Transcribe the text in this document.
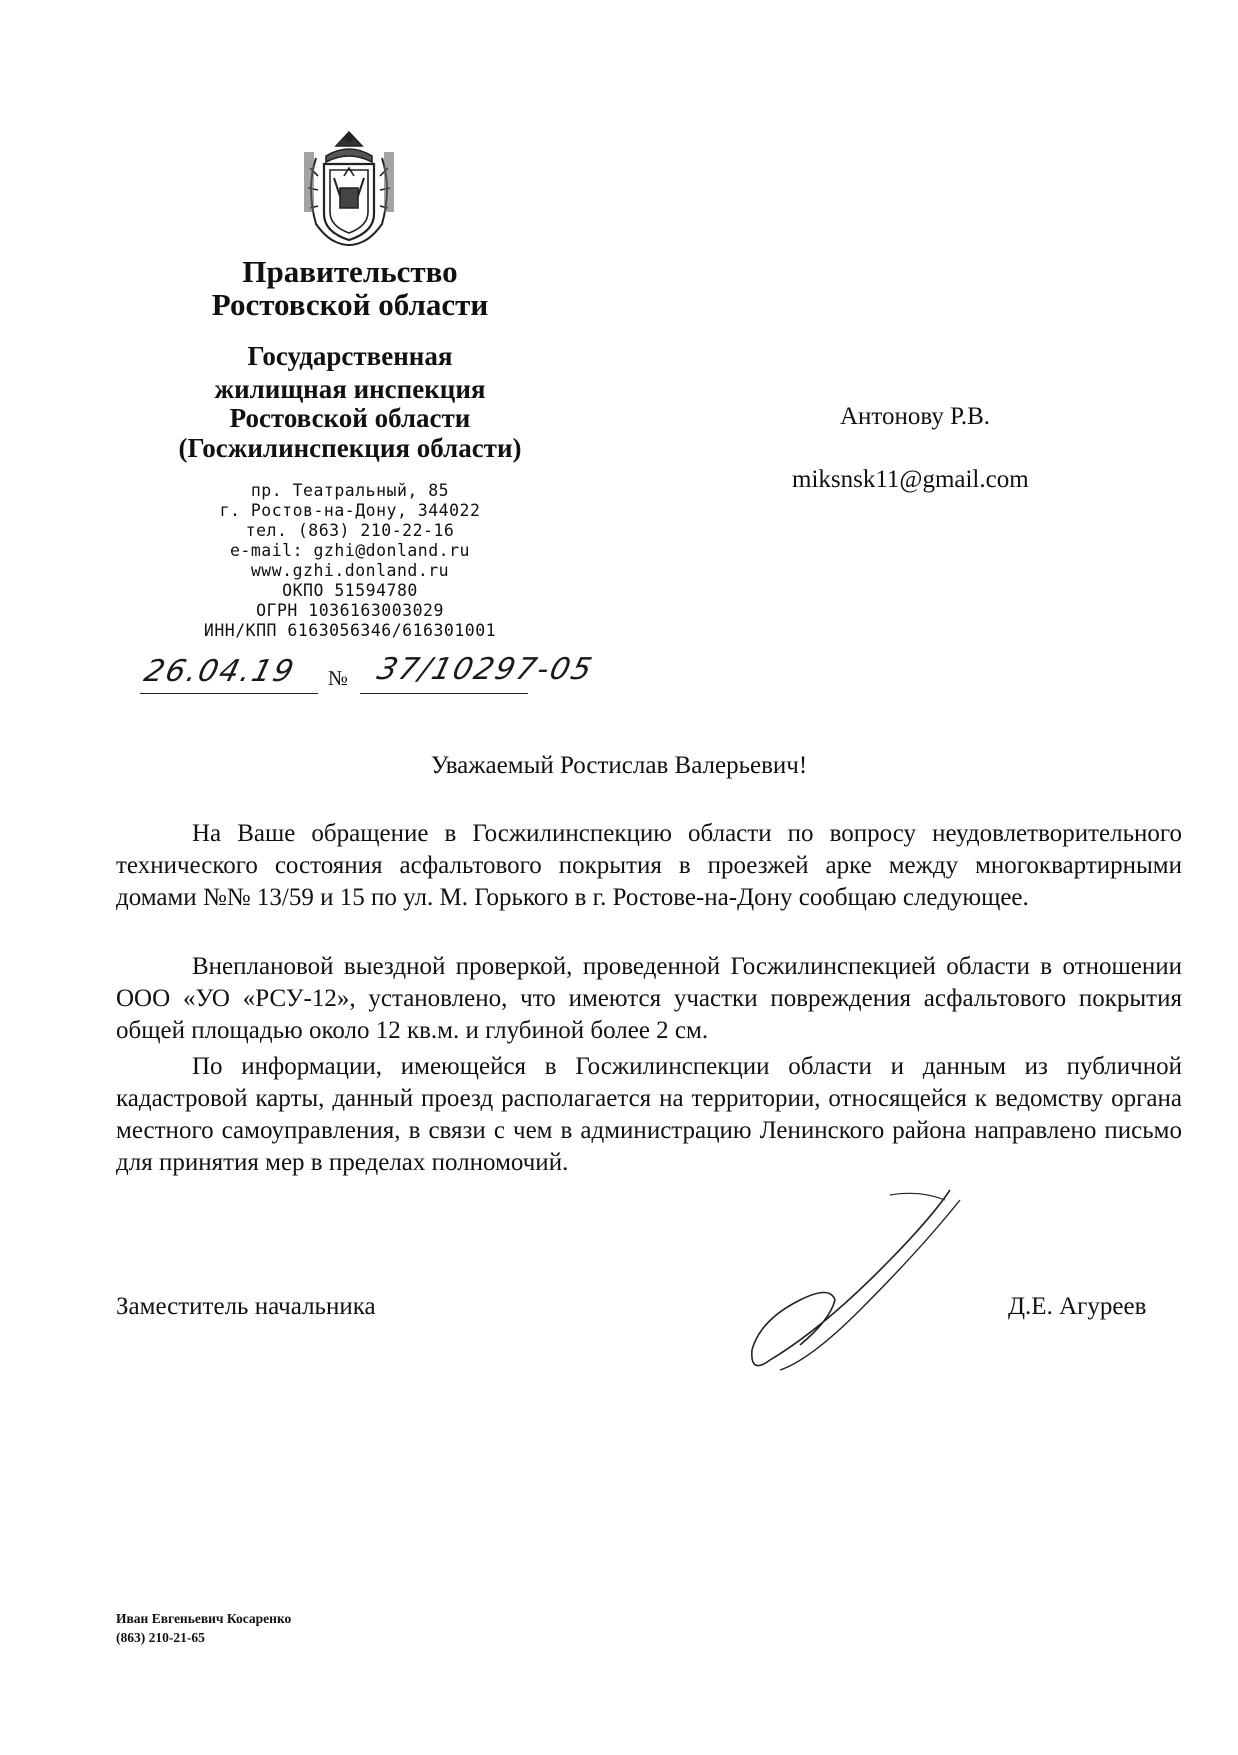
Правительство
Ростовской области
Государственная
жилищная инспекция
Ростовской области
(Госжилинспекция области)
пр. Театральный, 85
г. Ростов-на-Дону, 344022
тел. (863) 210-22-16
e-mail: gzhi@donland.ru
www.gzhi.donland.ru
ОКПО 51594780
ОГРН 1036163003029
ИНН/КПП 6163056346/616301001
26.04.19 № 37/10297-05
Антонову Р.В.
miksnsk11@gmail.com
Уважаемый Ростислав Валерьевич!
На Ваше обращение в Госжилинспекцию области по вопросу неудовлетворительного технического состояния асфальтового покрытия в проезжей арке между многоквартирными домами №№ 13/59 и 15 по ул. М. Горького в г. Ростове-на-Дону сообщаю следующее.
Внеплановой выездной проверкой, проведенной Госжилинспекцией области в отношении ООО «УО «РСУ-12», установлено, что имеются участки повреждения асфальтового покрытия общей площадью около 12 кв.м. и глубиной более 2 см.
По информации, имеющейся в Госжилинспекции области и данным из публичной кадастровой карты, данный проезд располагается на территории, относящейся к ведомству органа местного самоуправления, в связи с чем в администрацию Ленинского района направлено письмо для принятия мер в пределах полномочий.
Заместитель начальника	Д.Е. Агуреев
Иван Евгеньевич Косаренко
(863) 210-21-65
